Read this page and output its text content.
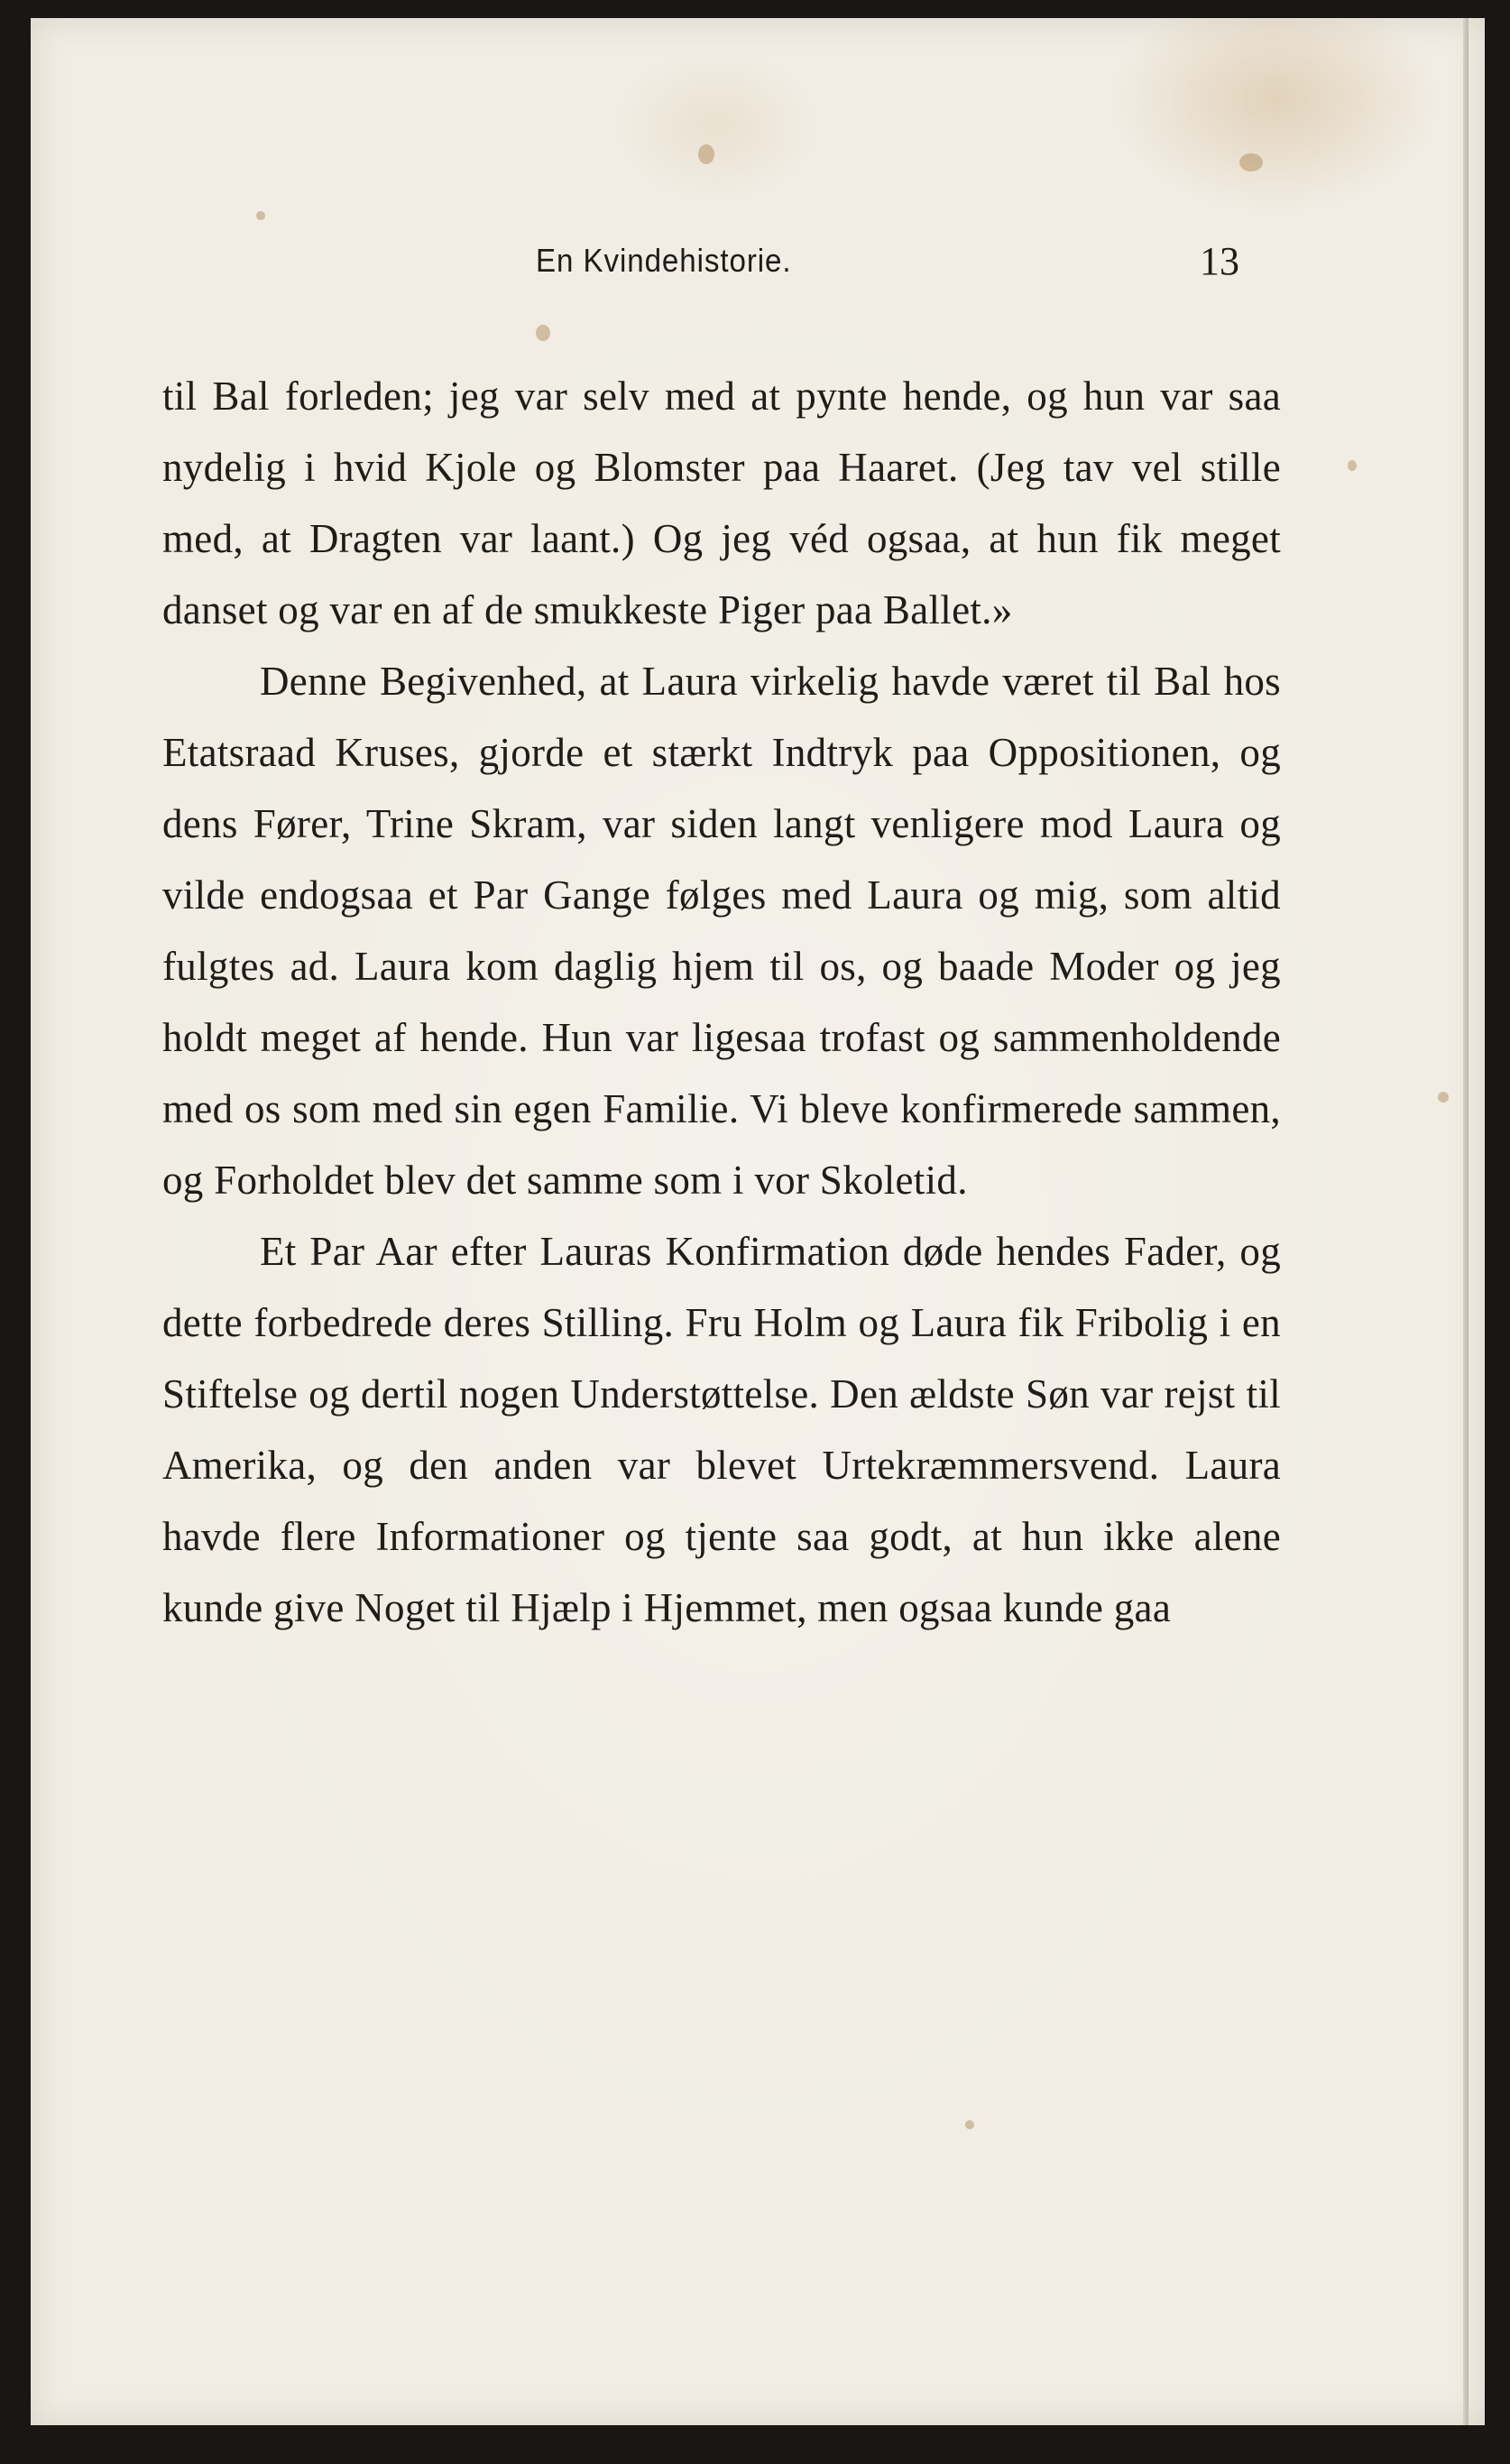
En Kvindehistorie.	13

til Bal forleden; jeg var selv med at pynte hende, og hun var saa nydelig i hvid Kjole og Blomster paa Haaret. (Jeg tav vel stille med, at Dragten var laant.) Og jeg véd ogsaa, at hun fik meget danset og var en af de smukkeste Piger paa Ballet.»

Denne Begivenhed, at Laura virkelig havde været til Bal hos Etatsraad Kruses, gjorde et stærkt Indtryk paa Oppositionen, og dens Fører, Trine Skram, var siden langt venligere mod Laura og vilde endogsaa et Par Gange følges med Laura og mig, som altid fulgtes ad. Laura kom daglig hjem til os, og baade Moder og jeg holdt meget af hende. Hun var ligesaa trofast og sammenholdende med os som med sin egen Familie. Vi bleve konfirmerede sammen, og Forholdet blev det samme som i vor Skoletid.

Et Par Aar efter Lauras Konfirmation døde hendes Fader, og dette forbedrede deres Stilling. Fru Holm og Laura fik Fribolig i en Stiftelse og dertil nogen Understøttelse. Den ældste Søn var rejst til Amerika, og den anden var blevet Urtekræmmersvend. Laura havde flere Informationer og tjente saa godt, at hun ikke alene kunde give Noget til Hjælp i Hjemmet, men ogsaa kunde gaa
